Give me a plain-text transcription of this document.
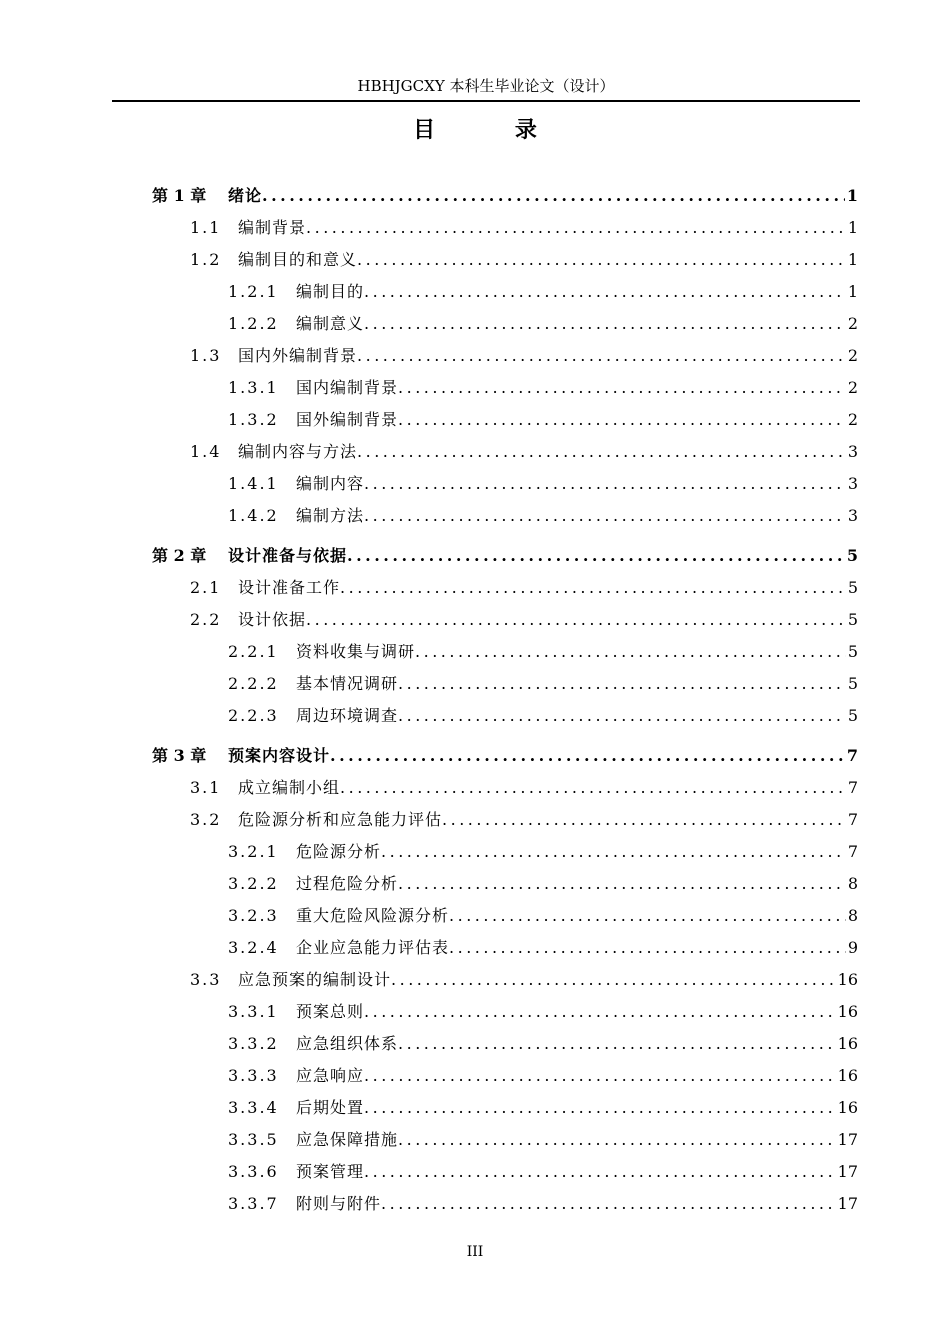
HBHJGCXY 本科生毕业论文（设计）
目 录
第 1 章	绪论 .....	1
1.1	编制背景 .....	1
1.2	编制目的和意义 .....	1
1.2.1	编制目的 .....	1
1.2.2	编制意义 .....	2
1.3	国内外编制背景 .....	2
1.3.1	国内编制背景 .....	2
1.3.2	国外编制背景 .....	2
1.4	编制内容与方法 .....	3
1.4.1	编制内容 .....	3
1.4.2	编制方法 .....	3
第 2 章	设计准备与依据 .....	5
2.1	设计准备工作 .....	5
2.2	设计依据 .....	5
2.2.1	资料收集与调研 .....	5
2.2.2	基本情况调研 .....	5
2.2.3	周边环境调查 .....	5
第 3 章	预案内容设计 .....	7
3.1	成立编制小组 .....	7
3.2	危险源分析和应急能力评估 .....	7
3.2.1	危险源分析 .....	7
3.2.2	过程危险分析 .....	8
3.2.3	重大危险风险源分析 .....	8
3.2.4	企业应急能力评估表 .....	9
3.3	应急预案的编制设计 .....	16
3.3.1	预案总则 .....	16
3.3.2	应急组织体系 .....	16
3.3.3	应急响应 .....	16
3.3.4	后期处置 .....	16
3.3.5	应急保障措施 .....	17
3.3.6	预案管理 .....	17
3.3.7	附则与附件 .....	17
III
